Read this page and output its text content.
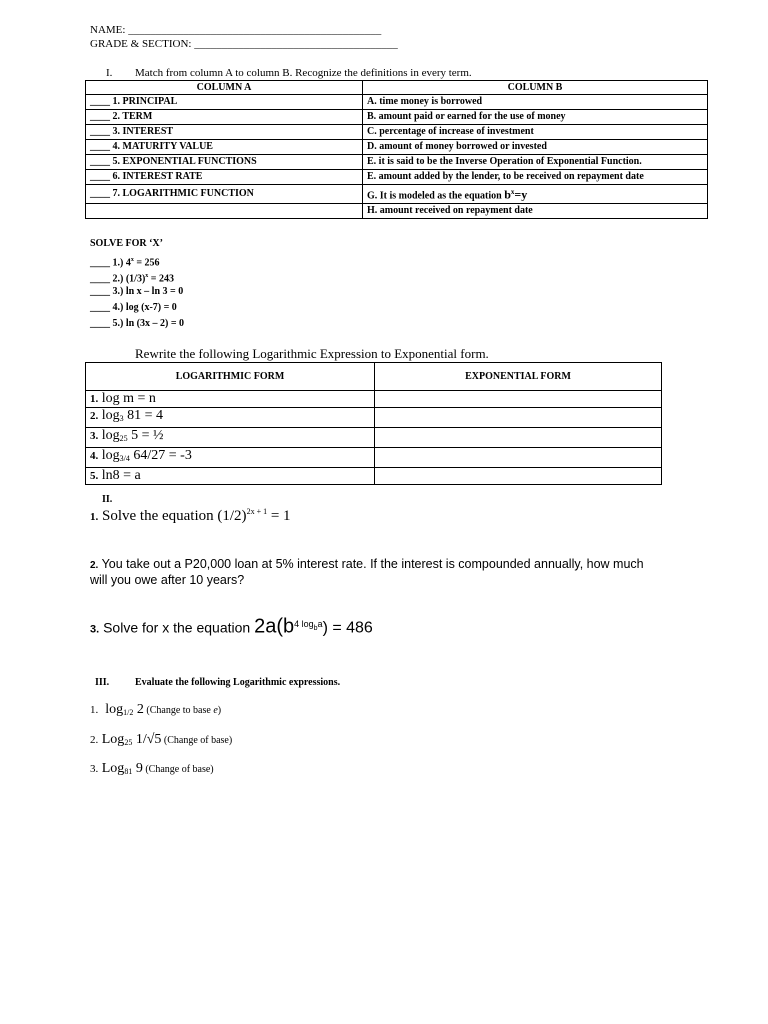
NAME: ______________________________________________
GRADE & SECTION: _____________________________________
I. Match from column A to column B. Recognize the definitions in every term.
COLUMN A	COLUMN B
____ 1. PRINCIPAL	A. time money is borrowed
____ 2. TERM	B. amount paid or earned for the use of money
____ 3. INTEREST	C. percentage of increase of investment
____ 4. MATURITY VALUE	D. amount of money borrowed or invested
____ 5. EXPONENTIAL FUNCTIONS	E. it is said to be the Inverse Operation of Exponential Function.
____ 6. INTEREST RATE	E. amount added by the lender, to be received on repayment date
____ 7. LOGARITHMIC FUNCTION	G. It is modeled as the equation $b^x=y$
	H. amount received on repayment date
SOLVE FOR ‘X’
____ 1.) $4^x = 256$
____ 2.) $(1/3)^x = 243$
____ 3.) ln x – ln 3 = 0
____ 4.) log (x-7) = 0
____ 5.) ln (3x – 2) = 0
Rewrite the following Logarithmic Expression to Exponential form.
LOGARITHMIC FORM	EXPONENTIAL FORM
1. log m = n	
2. $\log_3 81 = 4$	
3. $\log_{25} 5$ = ½	
4. $\log_{3/4} 64/27 = -3$	
5. ln8 = a	
II.
1. Solve the equation $(1/2)^{2x + 1} = 1$
2. You take out a P20,000 loan at 5% interest rate. If the interest is compounded annually, how much
will you owe after 10 years?
3. Solve for x the equation $2a(b^{4 log_ba}) = 486$
III.	Evaluate the following Logarithmic expressions.
1. $\log_{1/2} 2$ (Change to base e)
2. Log$_{25}$ 1/√5 (Change of base)
3. Log$_{81}$ 9 (Change of base)
